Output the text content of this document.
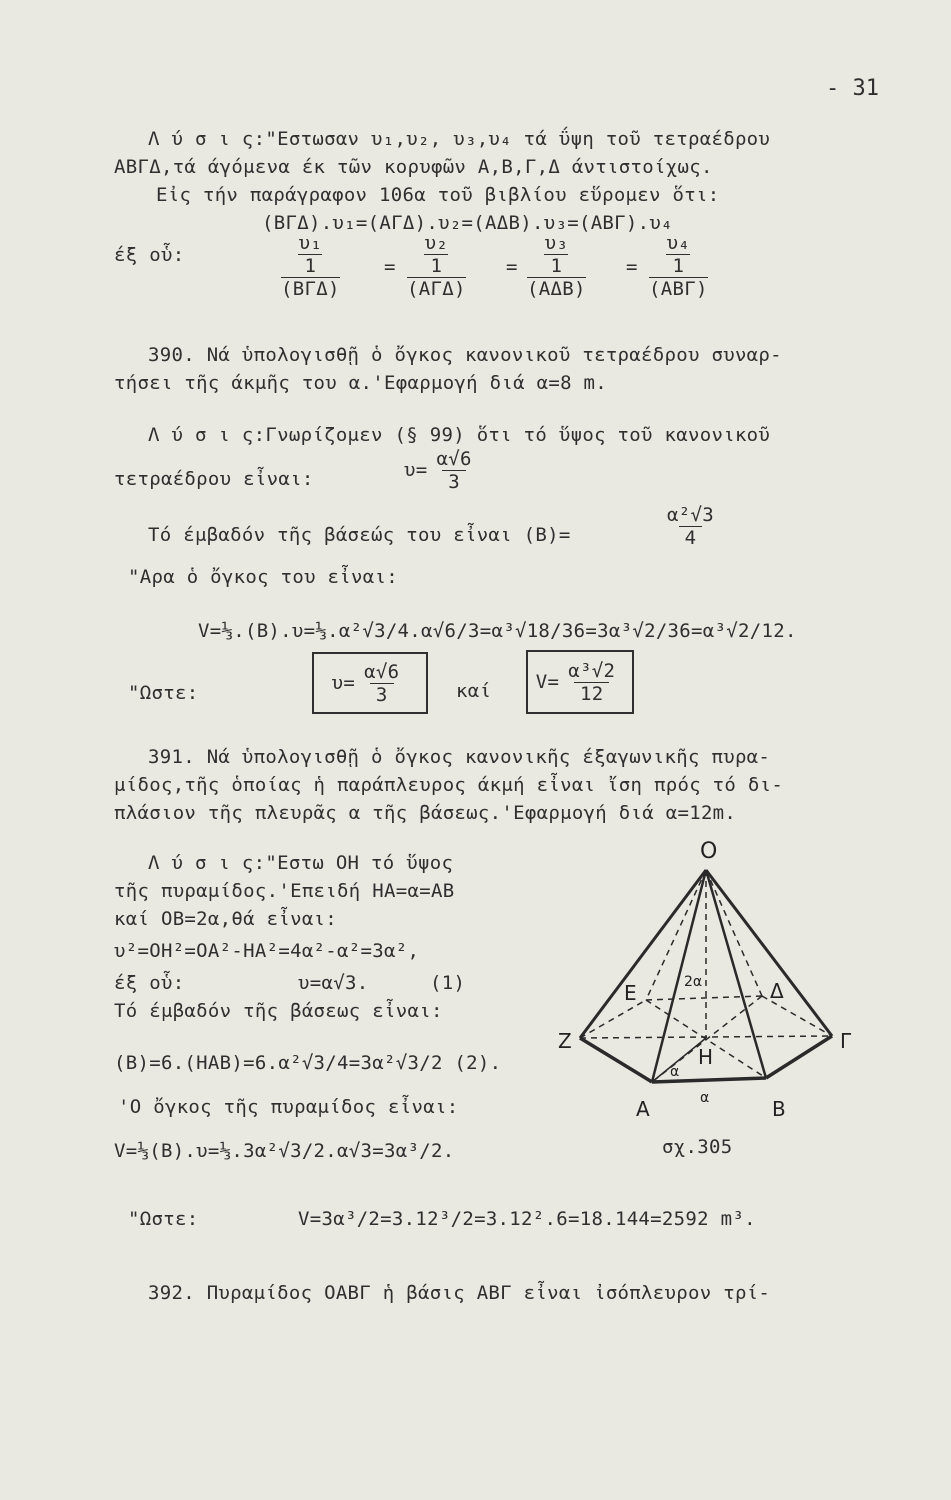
- 31
Λ ύ σ ι ς:"Εστωσαν υ₁,υ₂, υ₃,υ₄ τά ΰψη τοῦ τετραέδρου
ΑΒΓΔ,τά άγόμενα έκ τῶν κορυφῶν Α,Β,Γ,Δ άντιστοίχως.
Εἰς τήν παράγραφον 106α τοῦ βιβλίου εὕρομεν ὅτι:
(ΒΓΔ).υ₁=(ΑΓΔ).υ₂=(ΑΔΒ).υ₃=(ΑΒΓ).υ₄
έξ οὗ:
υ₁
1
(ΒΓΔ)
=
υ₂
1
(ΑΓΔ)
=
υ₃
1
(ΑΔΒ)
=
υ₄
1
(ΑΒΓ)
390. Νά ὑπολογισθῇ ὁ ὄγκος κανονικοῦ τετραέδρου συναρ-
τήσει τῆς άκμῆς του α.'Εφαρμογή διά α=8 m.
Λ ύ σ ι ς:Γνωρίζομεν (§ 99) ὅτι τό ὕψος τοῦ κανονικοῦ
τετραέδρου εἶναι:	$\upsilon= \frac{\alpha√6}{3}$
Τό έμβαδόν τῆς βάσεώς του εἶναι (Β)=	$\frac{\text{α²√3}}{4}$
"Αρα ὁ ὄγκος του εἶναι:
V=⅓.(Β).υ=⅓.α²√3/4.α√6/3=α³√18/36=3α³√2/36=α³√2/12.
"Ωστε:	$\upsilon= \frac{\alpha√6}{3}$	καί $V= \frac{\text{α³√2}}{12}$
391. Νά ὑπολογισθῇ ὁ ὄγκος κανονικῆς έξαγωνικῆς πυρα-
μίδος,τῆς ὁποίας ἡ παράπλευρος άκμή εἶναι ἴση πρός τό δι-
πλάσιον τῆς πλευρᾶς α τῆς βάσεως.'Εφαρμογή διά α=12m.
Λ ύ σ ι ς:"Εστω ΟΗ τό ὕψος
τῆς πυραμίδος.'Επειδή ΗΑ=α=ΑΒ
καί ΟΒ=2α,θά εἶναι:
υ²=ΟΗ²=ΟΑ²-ΗΑ²=4α²-α²=3α²,
έξ οὗ:	υ=α√3.	(1)
Τό έμβαδόν τῆς βάσεως εἶναι:
(Β)=6.(ΗΑΒ)=6.α²√3/4=3α²√3/2 (2).
'Ο ὄγκος τῆς πυραμίδος εἶναι:
V=⅓(Β).υ=⅓.3α²√3/2.α√3=3α³/2.
"Ωστε:	V=3α³/2=3.12³/2=3.12².6=18.144=2592 m³.
O
E	Δ
Z	Γ
H
A	B
α
α
2α
σχ.305
392. Πυραμίδος ΟΑΒΓ ἡ βάσις ΑΒΓ εἶναι ἰσόπλευρον τρί-
